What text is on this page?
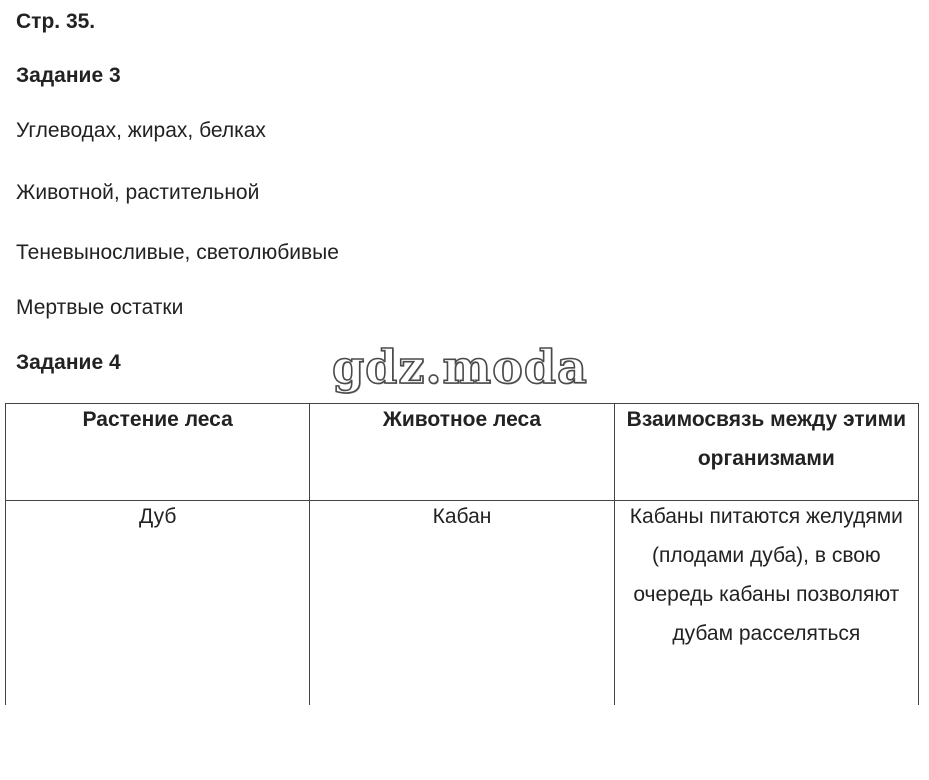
Стр. 35.
Задание 3
Углеводах, жирах, белках
Животной, растительной
Теневыносливые, светолюбивые
Мертвые остатки
Задание 4	gdz.moda
Растение леса	Животное леса	Взаимосвязь между этими организмами

Дуб	Кабан	Кабаны питаются желудями (плодами дуба), в свою очередь кабаны позволяют дубам расселяться
